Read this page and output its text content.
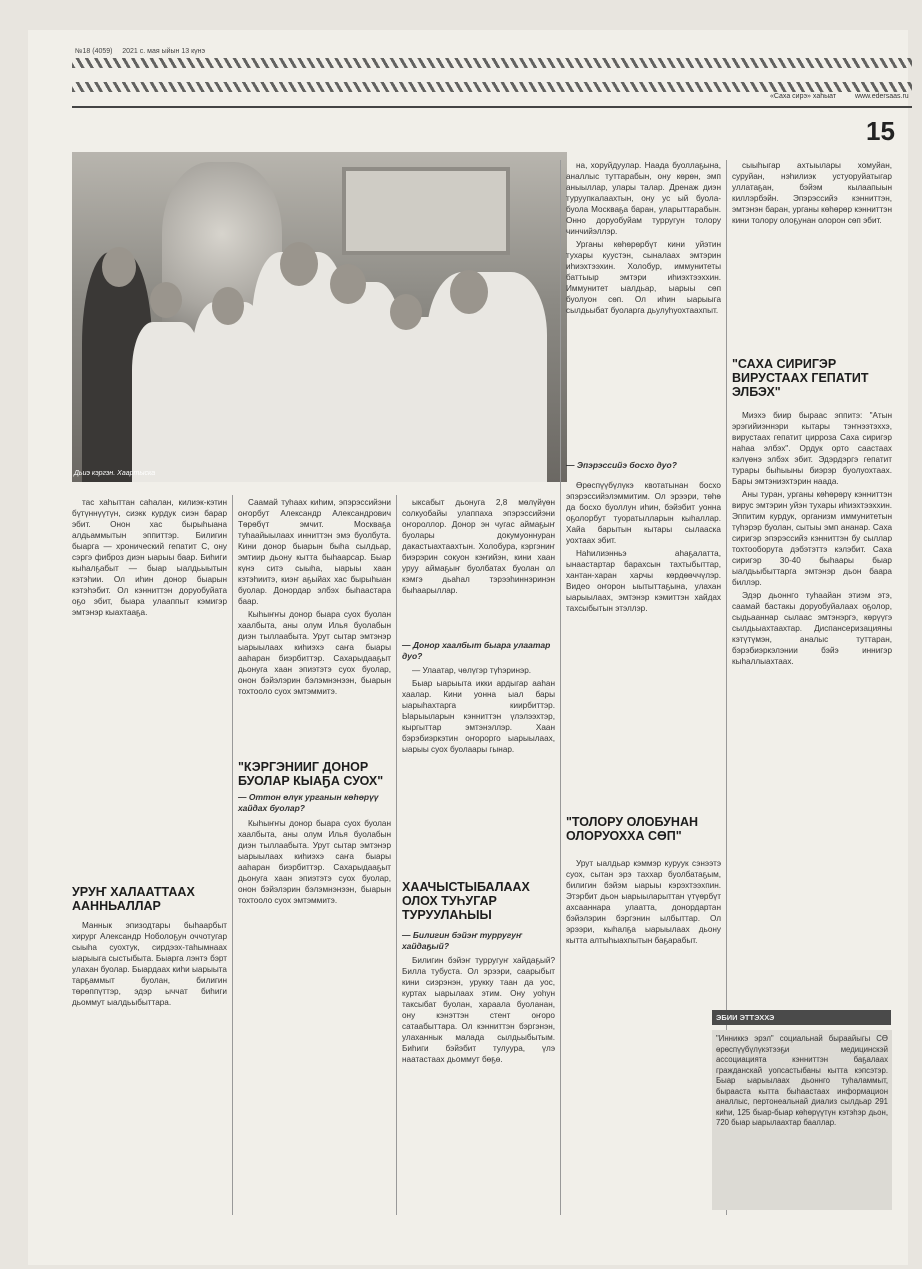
№18 (4059) 2021 с. мая ыйын 13 күнэ
«Саха сирэ» хаһыат	www.edersaas.ru
15
Дьиэ кэргэн. Хаартыска

тас хаһыттан саһалан, килиэк-кэтин бүтүннүүтүн, сиэкк курдук сиэн барар эбит. Онон хас бырыһыана алдьаммытын эппиттэр. Билигин быарга — хронический гепатит С, ону сэргэ фиброз диэн ыарыы баар. Биһиги кыһалҕабыт — быар ыалдьыытын кэтэһии. Ол иһин донор быарын кэтэһэбит. Ол кэнниттэн доруобуйата оҕо эбит, быара улааппыт кэмигэр эмтэнэр кыахтааҕа.

УРУҤ ХАЛААТТААХ ААННЬАЛЛАР

Маннык эпизодтары быһаарбыт хирург Александр Ноболоҕун оччотугар сыыһа суохтук, сирдээх-таһымнаах ыарыыга сыстыбыта. Быарга лэнтэ бэрт улахан буолар. Быардаах киһи ыарыыта тарҕаммыт буолан, билигин төрөппүттэр, эдэр ыччат биһиги дьоммут ыалдьыбыттара.

Саамай туһаах киһим, эпэрэссийэни оҥорбут Александр Александрович Төрөбүт эмчит. Москваҕа туһаайыылаах инниттэн эмэ буолбута. Кини донор быарын быһа сылдьар, эмтиир дьону кытта быһаарсар. Быар күнэ ситэ сыыһа, ыарыы хаан кэтэһиитэ, киэҥ аҕыйах хас бырыһыан буолар. Донордар элбэх быһаастара баар.

Кыһыҥҥы донор быара суох буолан хаалбыта, аны олум Илья буолабын диэн тыллаабыта. Урут сытар эмтэнэр ыарыылаах киһиэхэ саҥа быары ааһаран биэрбиттэр. Сахарыдааҕыт дьонуга хаан эпиэтэтэ суох буолар, онон бэйэлэрин бэлэмнэнээн, быарын тохтооло суох эмтэммитэ.

"КЭРГЭНИИГ ДОНОР БУОЛАР КЫАҔА СУОХ"
— Оттон өлүк урганын көһөрүү хайдах буолар?

Кыһыҥҥы донор быара суох буолан хаалбыта, аны олум Илья буолабын диэн тыллаабыта. Урут сытар эмтэнэр ыарыылаах киһиэхэ саҥа быары ааһаран биэрбиттэр. Сахарыдааҕыт дьонуга хаан эпиэтэтэ суох буолар, онон бэйэлэрин бэлэмнэнээн, быарын тохтооло суох эмтэммитэ.

ыксабыт дьонуга 2,8 мөлүйүөн солкуобайы улаппаха эпэрэссийэни оҥороллор. Донор эн чугас аймаҕыҥ буолары докумуоннуран дакастыахтаахтын. Холобура, кэргэниҥ биэрэрин сокуон кэҥийэн, кини хаан уруу аймаҕыҥ буолбатах буолан ол кэмгэ дьаһал тэрээһиннэринэн быһаарыллар.

— Донор хаалбыт быара улаатар дуо?

— Улаатар, чөлүгэр түһэринэр.

Быар ыарыыта икки ардыгар ааһан хаалар. Кини уонна ыал бары ыарыһахтарга киирбиттэр. Ыарыыларын кэнниттэн үлэлээхтэр, кыргыттар эмтэнэллэр. Хаан бэрэбиэркэтин оҥорорго ыарыылаах, ыарыы суох буолаары гынар.

ХААЧЫСТЫБАЛААХ ОЛОХ ТУҺУГАР ТУРУУЛАҺЫЫ
— Билигин бэйэҥ турругуҥ хайдаҕый?

Билигин бэйэҥ турругуҥ хайдаҕый? Билла тубуста. Ол эрээри, саарыбыт кини сиэрэнэн, урукку таан да уос, куртах ыарылаах этим. Ону уоһун таксыбат буолан, хараала буоланан, ону кэнэттэн стент оҥоро сатаабыттара. Ол кэнниттэн бэргэнэн, улаханнык малада сылдьыбытым. Биһиги бэйэбит тулуура, үлэ наатастаах дьоммут бөҕө.

на, хоруйдуулар. Наада буоллаҕына, аналлыс туттарабын, ону көрөн, эмп аныыллар, улары талар. Дренаж диэн туруупкалаахтын, ону ус ый буола-буола Москваҕа баран, уларыттарабын. Онно доруобуйам турругун толору чинчийэллэр.

Урганы көһөрөрбүт кини уйэтин тухары куустэн, сыналаах эмтэрин иһиэхтээхин. Холобур, иммунитеты баттыыр эмтэри иһиэхтээххин. Иммунитет ыалдьар, ыарыы сөп буолуон сөп. Ол иһин ыарыыга сылдьыбат буоларга дьулуһуохтаахпыт.

— Эпэрэссийэ босхо дуо?

Өрөспүүбүлүкэ квотатынан босхо эпэрэссийэлэммитим. Ол эрээри, төһө да босхо буоллун иһин, бэйэбит уонна оҕолорбут туоратылларын кыһаллар. Хайа барытын кытары сылааска уохтаах эбит.

Наһилиэнньэ аһаҕалатта, ынаастартар барахсын тахтыбыттар, хантан-харан харчы көрдөөччүлэр. Видео оҥорон ыытыттаҕына, улахан ыарыылаах, эмтэнэр кэмиттэн хайдах тахсыбытын этэллэр.

"ТОЛОРУ ОЛОБУНАН ОЛОРУОХХА СӨП"

Урут ыалдьар кэммэр куруук сэнээтэ суох, сытан эрэ таххар буолбатаҕым, билигин бэйэм ыарыы кэрэхтээхпин. Этэрбит дьон ыарыыларыттан үтүөрбүт ахсааннара улаатта, донордартан бэйэлэрин бэргэнин ылбыттар. Ол эрээри, кыһалҕа ыарыылаах дьону кытта алтыһыахпытын баҕарабыт.

сыыһыгар ахтыылары хомуйан, суруйан, нэһилиэк устуоруйатыгар уллатаҕан, бэйэм кылаапыын киллэрбэйн. Эпэрэссийэ кэнниттэн, эмтэнэн баран, урганы көһөрөр кэнниттэн кини толору олоҕунан олорон сөп эбит.

"САХА СИРИГЭР ВИРУСТААХ ГЕПАТИТ ЭЛБЭХ"

Миэхэ биир быраас эппитэ: "Атын эрэгийиэннэри кытары тэҥнээтэххэ, вирустаах гепатит цирроза Саха сиригэр наһаа элбэх". Ордук орто саастаах кэлүөнэ элбэх эбит. Эдэрдэргэ гепатит турары быһыыны биэрэр буолуохтаах. Бары эмтэниэхтэрин наада.

Аны туран, урганы көһөрөрү кэнниттэн вирус эмтэрин уйэн тухары иһиэхтээххин. Эппитим курдук, организм иммунитетын түһэрэр буолан, сытыы эмп ананар. Саха сиригэр эпэрэссийэ кэнниттэн бу сыллар тохтооборута дэбэтэттэ кэлэбит. Саха сиригэр 30-40 быһаары быар ыалдьыбыттарга эмтэнэр дьон баара биллэр.

Эдэр дьоннго туһаайан этиэм этэ, саамай бастакы доруобуйалаах оҕолор, сыдьааннар сылаас эмтэнэргэ, көрүүгэ сылдьыахтаахтар. Диспансеризацияны кэтүтүмэн, аналыс туттаран, бэрэбиэркэлэнии бэйэ иннигэр кыһаллыахтаах.

ЭБИИ ЭТТЭХХЭ
"Инниккэ эрэл" социальнай быраайыгы СӨ өрөспүүбүлүкэтээҕи медицинскэй ассоциацията кэнниттэн баҕалаах гражданскай уопсастыбаны кытта кэпсэтэр. Быар ыарыылаах дьоннго туһаламмыт, бырааста кытта быһаастаах информацион аналлыс, пертонеальнай диализ сылдьар 291 киһи, 125 быар-быар көһөрүүтүн кэтэһэр дьон, 720 быар ыарылаахтар бааллар.
